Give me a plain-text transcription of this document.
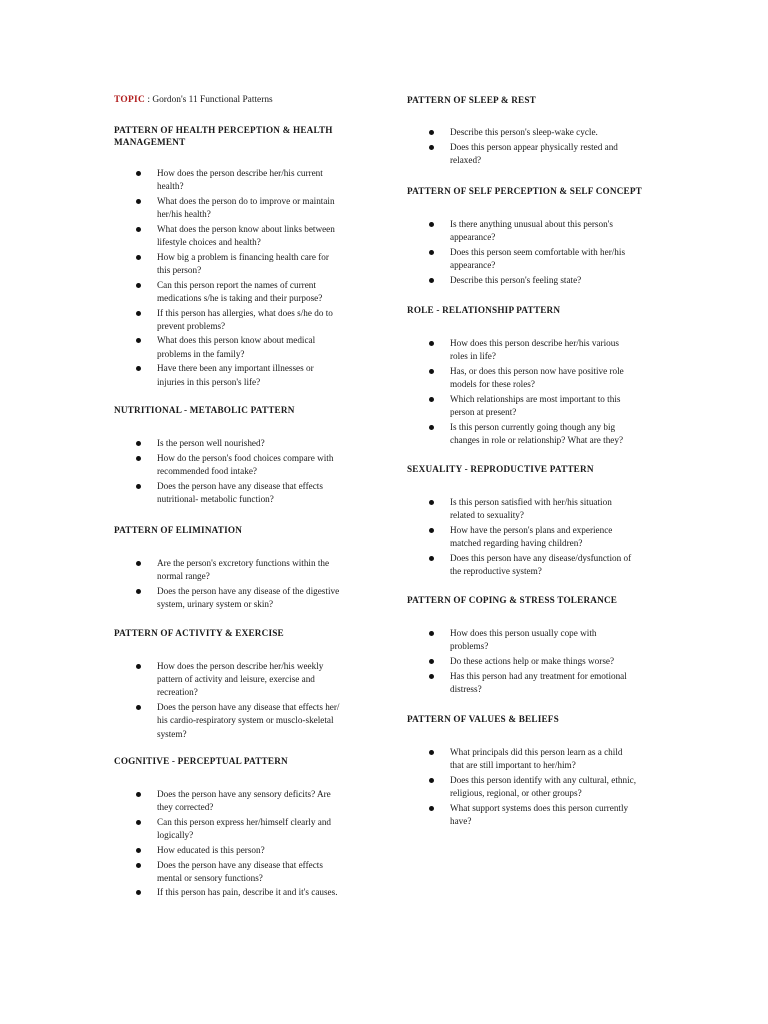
TOPIC : Gordon's 11 Functional Patterns
PATTERN OF HEALTH PERCEPTION & HEALTH
MANAGEMENT
How does the person describe her/his current
health?
What does the person do to improve or maintain
her/his health?
What does the person know about links between
lifestyle choices and health?
How big a problem is financing health care for
this person?
Can this person report the names of current
medications s/he is taking and their purpose?
If this person has allergies, what does s/he do to
prevent problems?
What does this person know about medical
problems in the family?
Have there been any important illnesses or
injuries in this person's life?
NUTRITIONAL - METABOLIC PATTERN
Is the person well nourished?
How do the person's food choices compare with
recommended food intake?
Does the person have any disease that effects
nutritional- metabolic function?
PATTERN OF ELIMINATION
Are the person's excretory functions within the
normal range?
Does the person have any disease of the digestive
system, urinary system or skin?
PATTERN OF ACTIVITY & EXERCISE
How does the person describe her/his weekly
pattern of activity and leisure, exercise and
recreation?
Does the person have any disease that effects her/
his cardio-respiratory system or musclo-skeletal
system?
COGNITIVE - PERCEPTUAL PATTERN
Does the person have any sensory deficits? Are
they corrected?
Can this person express her/himself clearly and
logically?
How educated is this person?
Does the person have any disease that effects
mental or sensory functions?
If this person has pain, describe it and it's causes.
PATTERN OF SLEEP & REST
Describe this person's sleep-wake cycle.
Does this person appear physically rested and
relaxed?
PATTERN OF SELF PERCEPTION & SELF CONCEPT
Is there anything unusual about this person's
appearance?
Does this person seem comfortable with her/his
appearance?
Describe this person's feeling state?
ROLE - RELATIONSHIP PATTERN
How does this person describe her/his various
roles in life?
Has, or does this person now have positive role
models for these roles?
Which relationships are most important to this
person at present?
Is this person currently going though any big
changes in role or relationship? What are they?
SEXUALITY - REPRODUCTIVE PATTERN
Is this person satisfied with her/his situation
related to sexuality?
How have the person's plans and experience
matched regarding having children?
Does this person have any disease/dysfunction of
the reproductive system?
PATTERN OF COPING & STRESS TOLERANCE
How does this person usually cope with
problems?
Do these actions help or make things worse?
Has this person had any treatment for emotional
distress?
PATTERN OF VALUES & BELIEFS
What principals did this person learn as a child
that are still important to her/him?
Does this person identify with any cultural, ethnic,
religious, regional, or other groups?
What support systems does this person currently
have?
